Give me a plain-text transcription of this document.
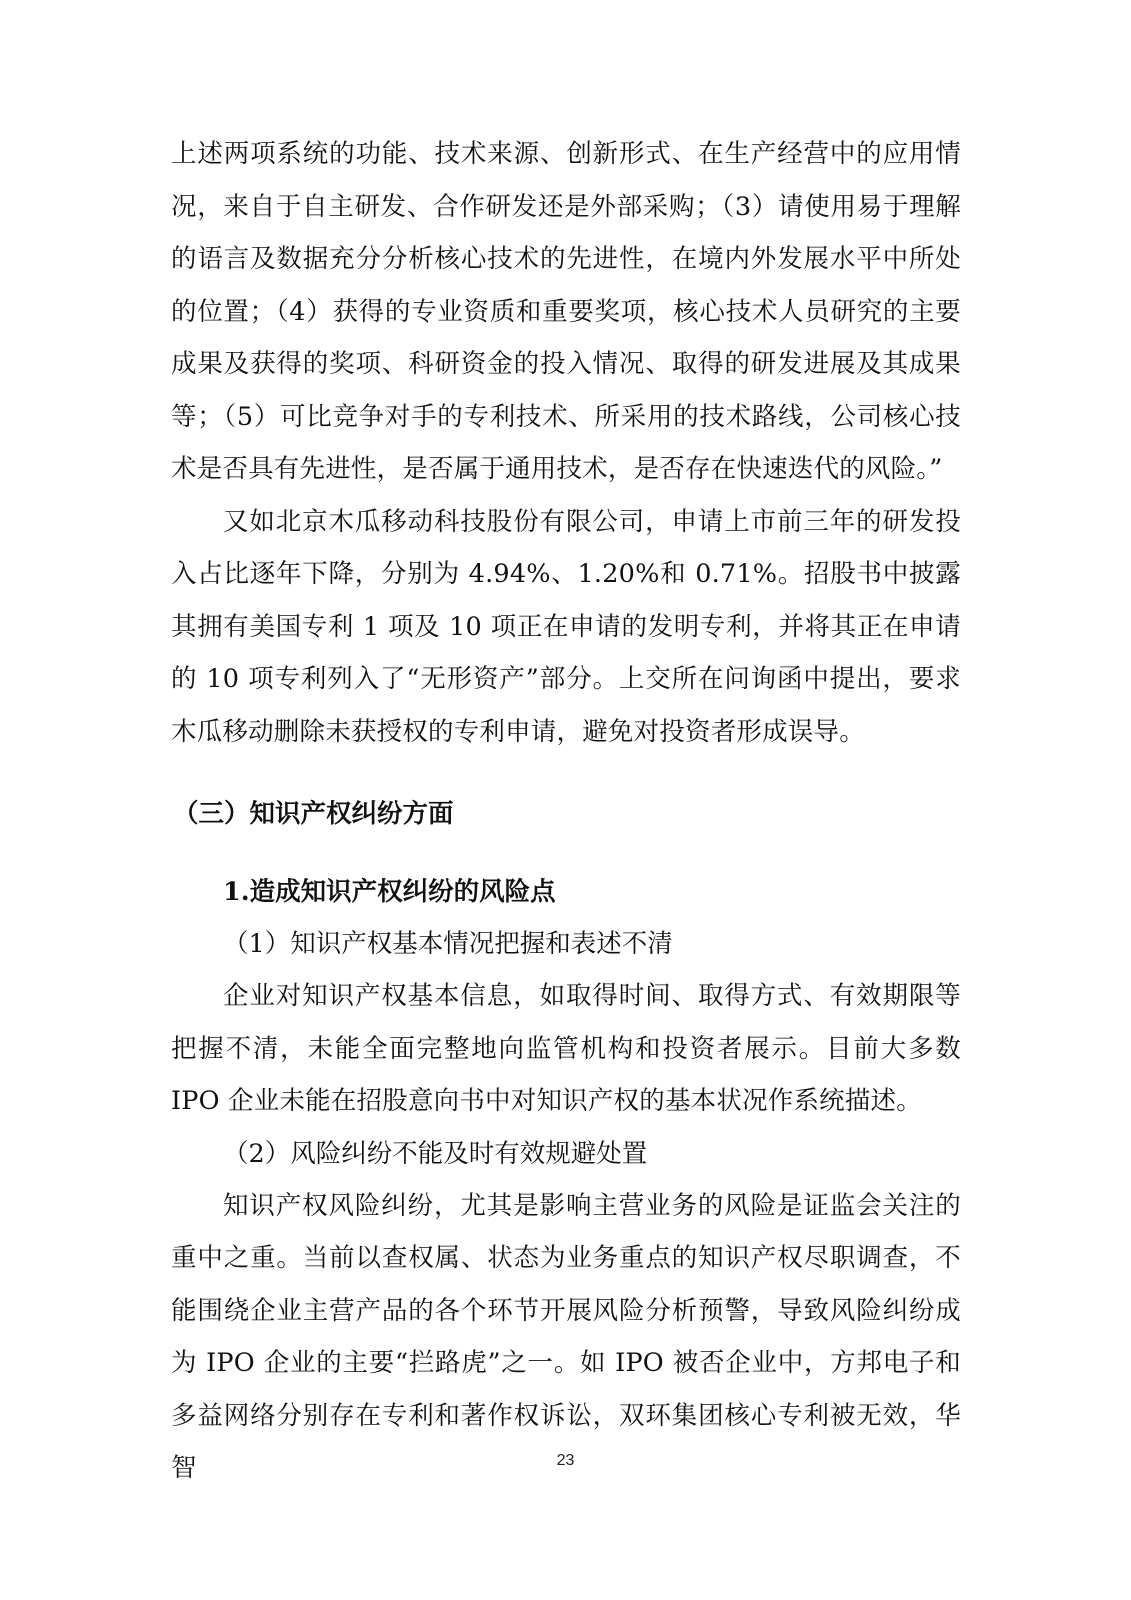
上述两项系统的功能、技术来源、创新形式、在生产经营中的应用情况，来自于自主研发、合作研发还是外部采购；（3）请使用易于理解的语言及数据充分分析核心技术的先进性，在境内外发展水平中所处的位置；（4）获得的专业资质和重要奖项，核心技术人员研究的主要成果及获得的奖项、科研资金的投入情况、取得的研发进展及其成果等；（5）可比竞争对手的专利技术、所采用的技术路线，公司核心技术是否具有先进性，是否属于通用技术，是否存在快速迭代的风险。”

又如北京木瓜移动科技股份有限公司，申请上市前三年的研发投入占比逐年下降，分别为 4.94%、1.20%和 0.71%。招股书中披露其拥有美国专利 1 项及 10 项正在申请的发明专利，并将其正在申请的 10 项专利列入了“无形资产”部分。上交所在问询函中提出，要求木瓜移动删除未获授权的专利申请，避免对投资者形成误导。

（三）知识产权纠纷方面
1.造成知识产权纠纷的风险点
（1）知识产权基本情况把握和表述不清

企业对知识产权基本信息，如取得时间、取得方式、有效期限等把握不清，未能全面完整地向监管机构和投资者展示。目前大多数 IPO 企业未能在招股意向书中对知识产权的基本状况作系统描述。

（2）风险纠纷不能及时有效规避处置

知识产权风险纠纷，尤其是影响主营业务的风险是证监会关注的重中之重。当前以查权属、状态为业务重点的知识产权尽职调查，不能围绕企业主营产品的各个环节开展风险分析预警，导致风险纠纷成为 IPO 企业的主要“拦路虎”之一。如 IPO 被否企业中，方邦电子和多益网络分别存在专利和著作权诉讼，双环集团核心专利被无效，华智	23
